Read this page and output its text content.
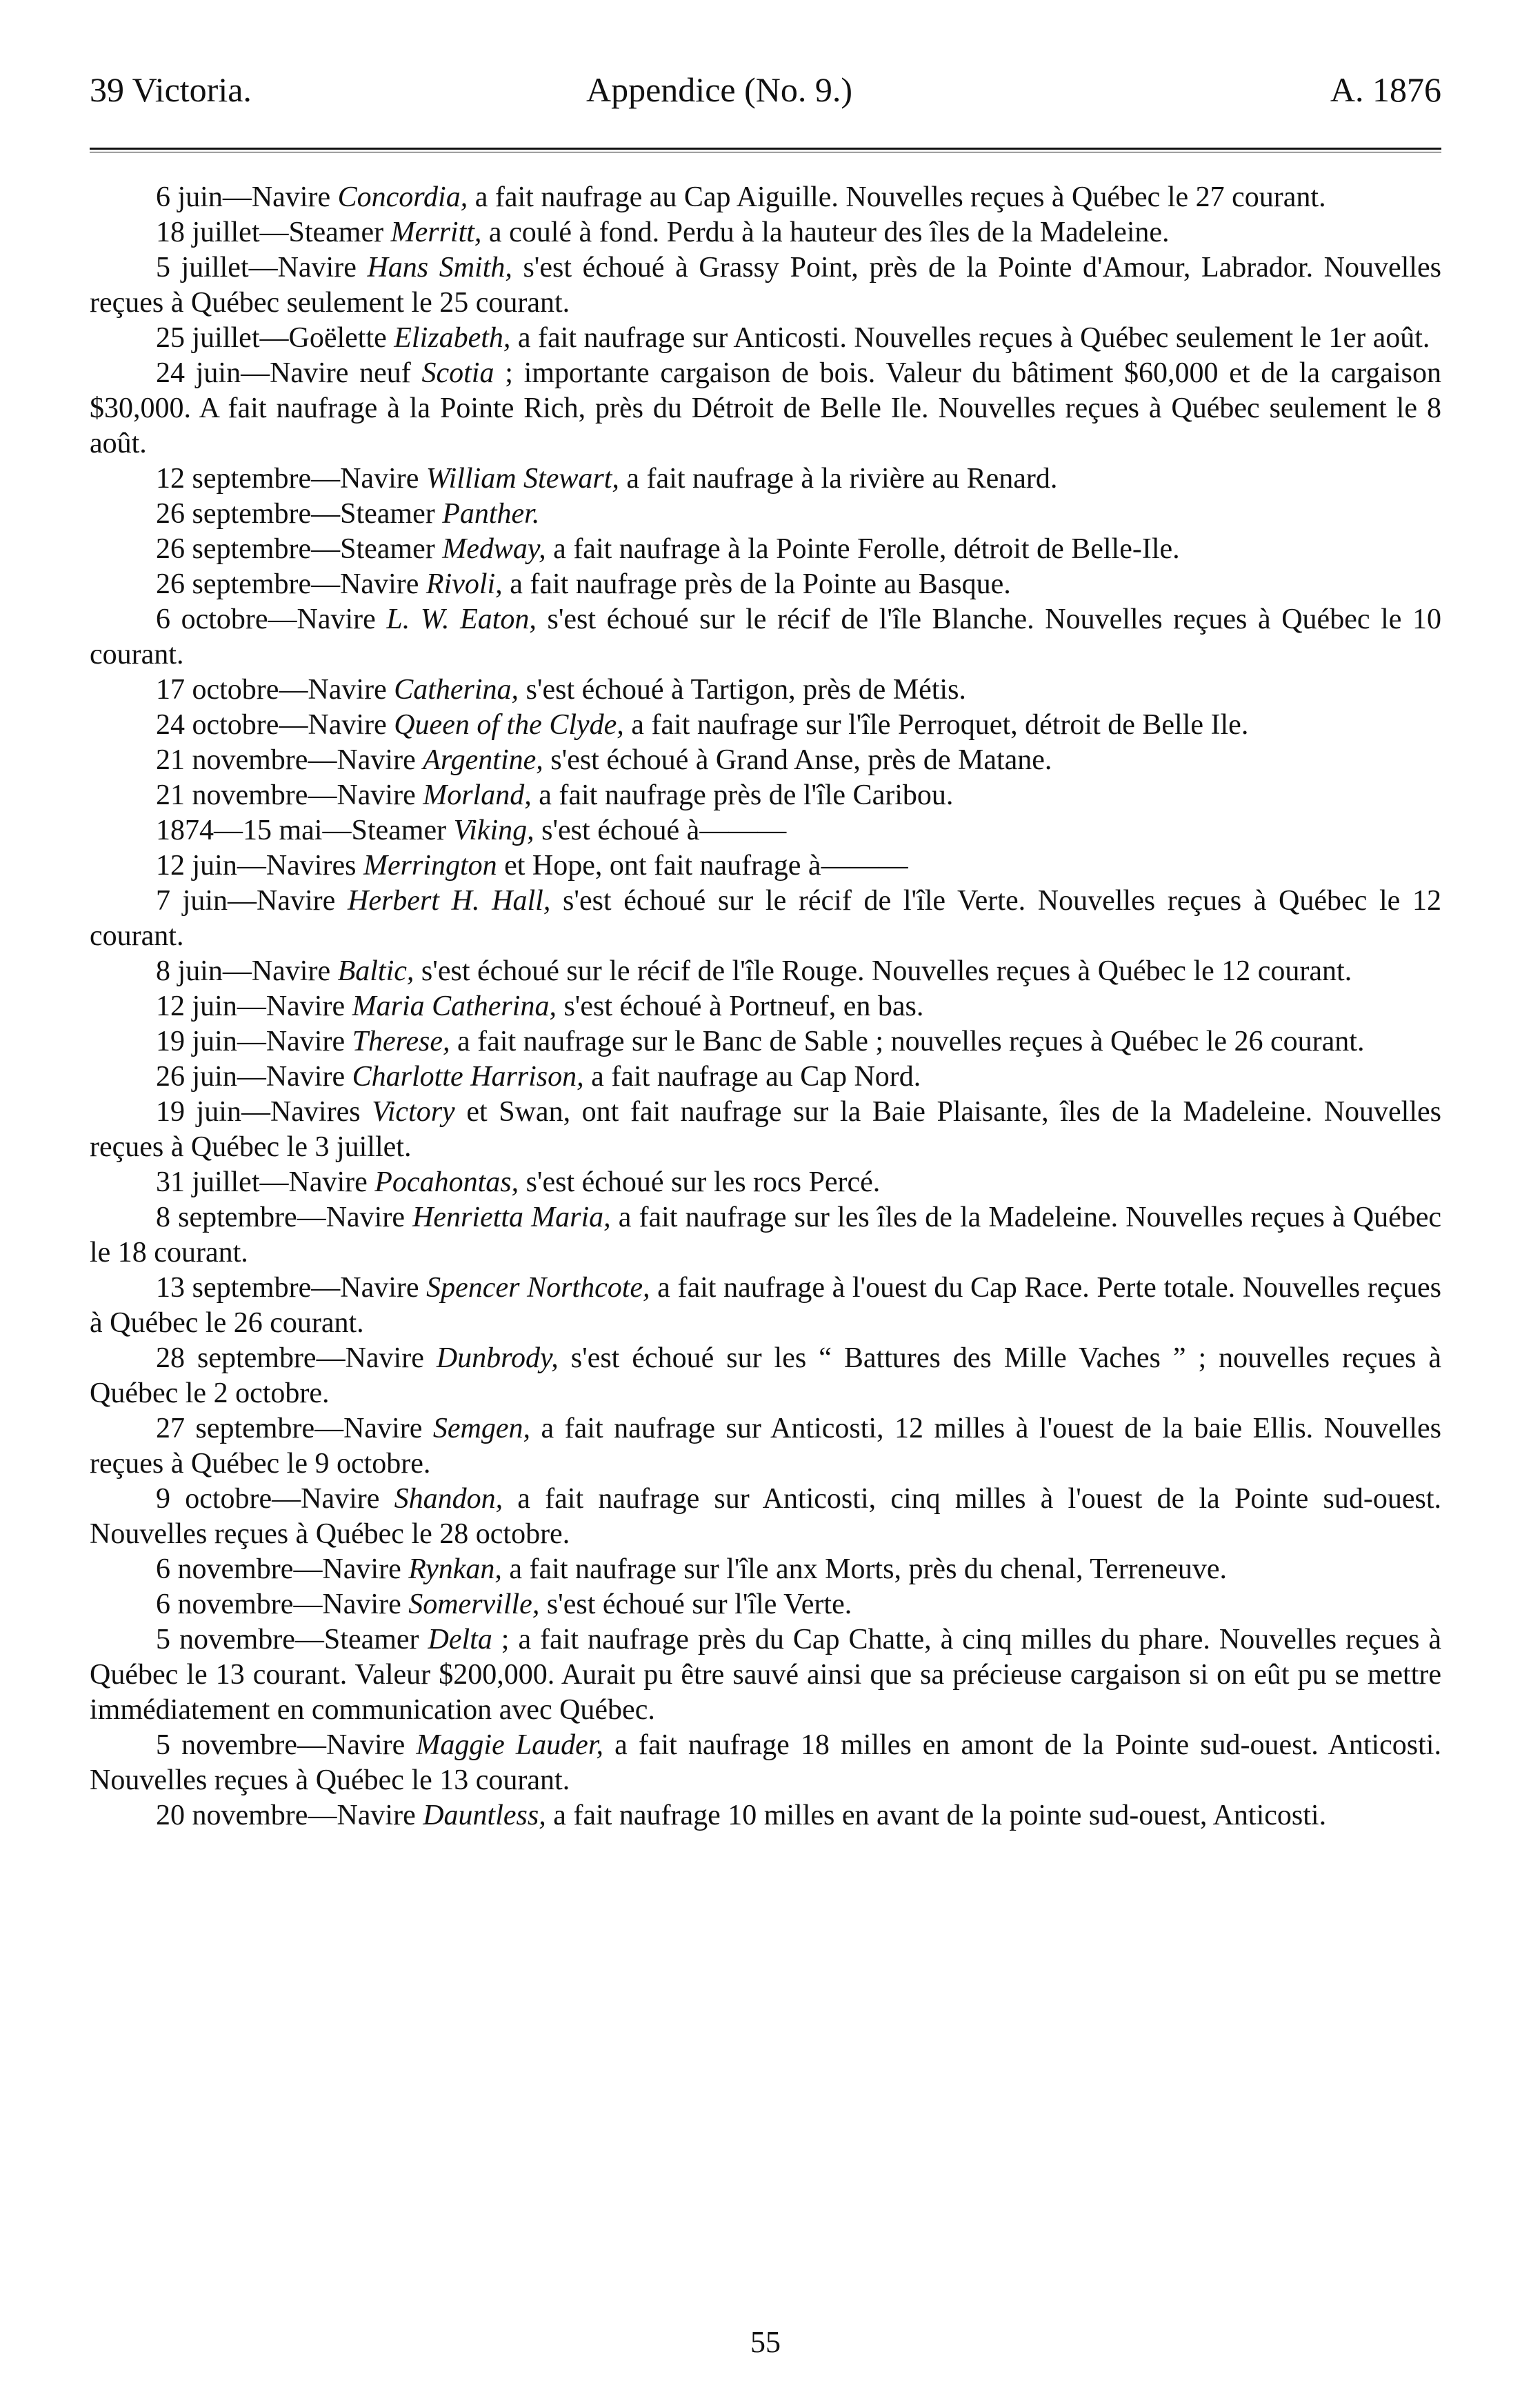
39 Victoria.	Appendice (No. 9.)	A. 1876

6 juin—Navire Concordia, a fait naufrage au Cap Aiguille. Nouvelles reçues à Québec le 27 courant.

18 juillet—Steamer Merritt, a coulé à fond. Perdu à la hauteur des îles de la Madeleine.

5 juillet—Navire Hans Smith, s'est échoué à Grassy Point, près de la Pointe d'Amour, Labrador. Nouvelles reçues à Québec seulement le 25 courant.

25 juillet—Goëlette Elizabeth, a fait naufrage sur Anticosti. Nouvelles reçues à Québec seulement le 1er août.

24 juin—Navire neuf Scotia ; importante cargaison de bois. Valeur du bâtiment $60,000 et de la cargaison $30,000. A fait naufrage à la Pointe Rich, près du Détroit de Belle Ile. Nouvelles reçues à Québec seulement le 8 août.

12 septembre—Navire William Stewart, a fait naufrage à la rivière au Renard.

26 septembre—Steamer Panther.

26 septembre—Steamer Medway, a fait naufrage à la Pointe Ferolle, détroit de Belle-Ile.

26 septembre—Navire Rivoli, a fait naufrage près de la Pointe au Basque.

6 octobre—Navire L. W. Eaton, s'est échoué sur le récif de l'île Blanche. Nouvelles reçues à Québec le 10 courant.

17 octobre—Navire Catherina, s'est échoué à Tartigon, près de Métis.

24 octobre—Navire Queen of the Clyde, a fait naufrage sur l'île Perroquet, détroit de Belle Ile.

21 novembre—Navire Argentine, s'est échoué à Grand Anse, près de Matane.

21 novembre—Navire Morland, a fait naufrage près de l'île Caribou.

1874—15 mai—Steamer Viking, s'est échoué à———

12 juin—Navires Merrington et Hope, ont fait naufrage à———

7 juin—Navire Herbert H. Hall, s'est échoué sur le récif de l'île Verte. Nouvelles reçues à Québec le 12 courant.

8 juin—Navire Baltic, s'est échoué sur le récif de l'île Rouge. Nouvelles reçues à Québec le 12 courant.

12 juin—Navire Maria Catherina, s'est échoué à Portneuf, en bas.

19 juin—Navire Therese, a fait naufrage sur le Banc de Sable ; nouvelles reçues à Québec le 26 courant.

26 juin—Navire Charlotte Harrison, a fait naufrage au Cap Nord.

19 juin—Navires Victory et Swan, ont fait naufrage sur la Baie Plaisante, îles de la Madeleine. Nouvelles reçues à Québec le 3 juillet.

31 juillet—Navire Pocahontas, s'est échoué sur les rocs Percé.

8 septembre—Navire Henrietta Maria, a fait naufrage sur les îles de la Madeleine. Nouvelles reçues à Québec le 18 courant.

13 septembre—Navire Spencer Northcote, a fait naufrage à l'ouest du Cap Race. Perte totale. Nouvelles reçues à Québec le 26 courant.

28 septembre—Navire Dunbrody, s'est échoué sur les “ Battures des Mille Vaches ” ; nouvelles reçues à Québec le 2 octobre.

27 septembre—Navire Semgen, a fait naufrage sur Anticosti, 12 milles à l'ouest de la baie Ellis. Nouvelles reçues à Québec le 9 octobre.

9 octobre—Navire Shandon, a fait naufrage sur Anticosti, cinq milles à l'ouest de la Pointe sud-ouest. Nouvelles reçues à Québec le 28 octobre.

6 novembre—Navire Rynkan, a fait naufrage sur l'île anx Morts, près du chenal, Terreneuve.

6 novembre—Navire Somerville, s'est échoué sur l'île Verte.

5 novembre—Steamer Delta ; a fait naufrage près du Cap Chatte, à cinq milles du phare. Nouvelles reçues à Québec le 13 courant. Valeur $200,000. Aurait pu être sauvé ainsi que sa précieuse cargaison si on eût pu se mettre immédiatement en communication avec Québec.

5 novembre—Navire Maggie Lauder, a fait naufrage 18 milles en amont de la Pointe sud-ouest. Anticosti. Nouvelles reçues à Québec le 13 courant.

20 novembre—Navire Dauntless, a fait naufrage 10 milles en avant de la pointe sud-ouest, Anticosti.

55
